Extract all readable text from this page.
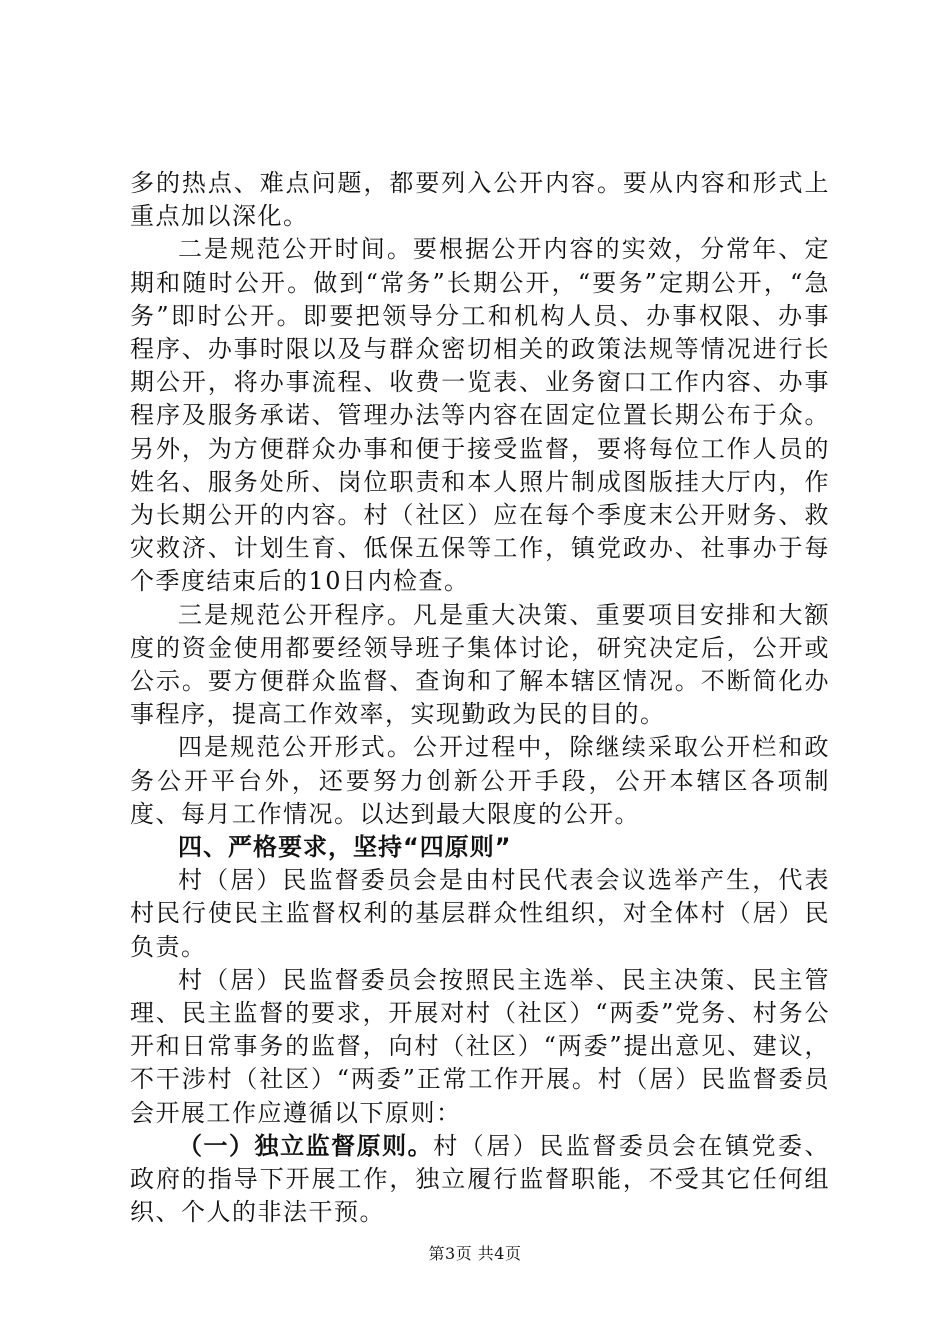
多的热点、难点问题，都要列入公开内容。要从内容和形式上重点加以深化。

二是规范公开时间。要根据公开内容的实效，分常年、定期和随时公开。做到“常务”长期公开，“要务”定期公开，“急务”即时公开。即要把领导分工和机构人员、办事权限、办事程序、办事时限以及与群众密切相关的政策法规等情况进行长期公开，将办事流程、收费一览表、业务窗口工作内容、办事程序及服务承诺、管理办法等内容在固定位置长期公布于众。另外，为方便群众办事和便于接受监督，要将每位工作人员的姓名、服务处所、岗位职责和本人照片制成图版挂大厅内，作为长期公开的内容。村（社区）应在每个季度末公开财务、救灾救济、计划生育、低保五保等工作，镇党政办、社事办于每个季度结束后的10日内检查。

三是规范公开程序。凡是重大决策、重要项目安排和大额度的资金使用都要经领导班子集体讨论，研究决定后，公开或公示。要方便群众监督、查询和了解本辖区情况。不断简化办事程序，提高工作效率，实现勤政为民的目的。

四是规范公开形式。公开过程中，除继续采取公开栏和政务公开平台外，还要努力创新公开手段，公开本辖区各项制度、每月工作情况。以达到最大限度的公开。

四、严格要求，坚持“四原则”

村（居）民监督委员会是由村民代表会议选举产生，代表村民行使民主监督权利的基层群众性组织，对全体村（居）民负责。

村（居）民监督委员会按照民主选举、民主决策、民主管理、民主监督的要求，开展对村（社区）“两委”党务、村务公开和日常事务的监督，向村（社区）“两委”提出意见、建议，不干涉村（社区）“两委”正常工作开展。村（居）民监督委员会开展工作应遵循以下原则：

（一）独立监督原则。村（居）民监督委员会在镇党委、政府的指导下开展工作，独立履行监督职能，不受其它任何组织、个人的非法干预。

第3页 共4页
